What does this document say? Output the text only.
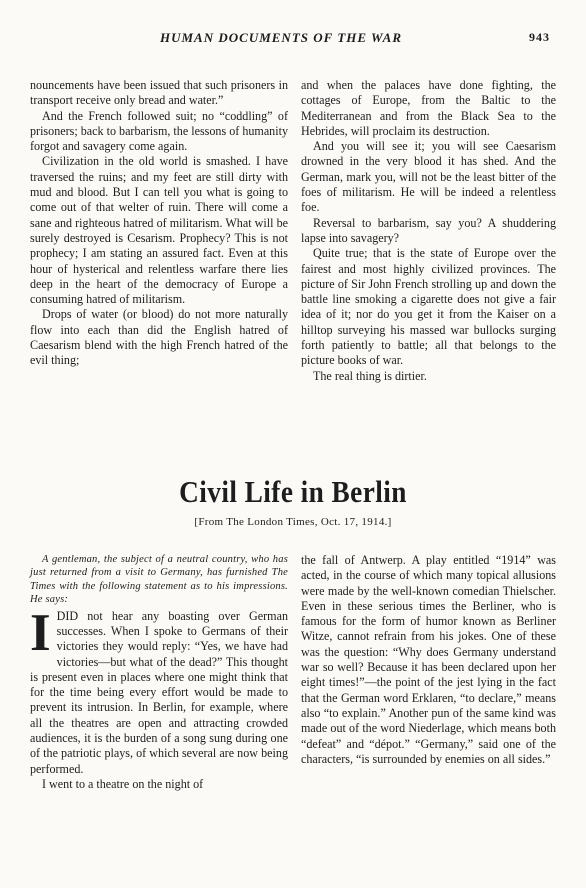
HUMAN DOCUMENTS OF THE WAR	943

nouncements have been issued that such prisoners in transport receive only bread and water.”

And the French followed suit; no “coddling” of prisoners; back to barbarism, the lessons of humanity forgot and savagery come again.

Civilization in the old world is smashed. I have traversed the ruins; and my feet are still dirty with mud and blood. But I can tell you what is going to come out of that welter of ruin. There will come a sane and righteous hatred of militarism. What will be surely destroyed is Cesarism. Prophecy? This is not prophecy; I am stating an assured fact. Even at this hour of hysterical and relentless warfare there lies deep in the heart of the democracy of Europe a consuming hatred of militarism.

Drops of water (or blood) do not more naturally flow into each than did the English hatred of Caesarism blend with the high French hatred of the evil thing;

and when the palaces have done fighting, the cottages of Europe, from the Baltic to the Mediterranean and from the Black Sea to the Hebrides, will proclaim its destruction.

And you will see it; you will see Caesarism drowned in the very blood it has shed. And the German, mark you, will not be the least bitter of the foes of militarism. He will be indeed a relentless foe.

Reversal to barbarism, say you? A shuddering lapse into savagery?

Quite true; that is the state of Europe over the fairest and most highly civilized provinces. The picture of Sir John French strolling up and down the battle line smoking a cigarette does not give a fair idea of it; nor do you get it from the Kaiser on a hilltop surveying his massed war bullocks surging forth patiently to battle; all that belongs to the picture books of war.

The real thing is dirtier.

Civil Life in Berlin
[From The London Times, Oct. 17, 1914.]

A gentleman, the subject of a neutral country, who has just returned from a visit to Germany, has furnished The Times with the following statement as to his impressions. He says:

IDID not hear any boasting over German successes. When I spoke to Germans of their victories they would reply: “Yes, we have had victories—but what of the dead?” This thought is present even in places where one might think that for the time being every effort would be made to prevent its intrusion. In Berlin, for example, where all the theatres are open and attracting crowded audiences, it is the burden of a song sung during one of the patriotic plays, of which several are now being performed.

I went to a theatre on the night of

the fall of Antwerp. A play entitled “1914” was acted, in the course of which many topical allusions were made by the well-known comedian Thielscher. Even in these serious times the Berliner, who is famous for the form of humor known as Berliner Witze, cannot refrain from his jokes. One of these was the question: “Why does Germany understand war so well? Because it has been declared upon her eight times!”—the point of the jest lying in the fact that the German word Erklaren, “to declare,” means also “to explain.” Another pun of the same kind was made out of the word Niederlage, which means both “defeat” and “dépot.” “Germany,” said one of the characters, “is surrounded by enemies on all sides.”
